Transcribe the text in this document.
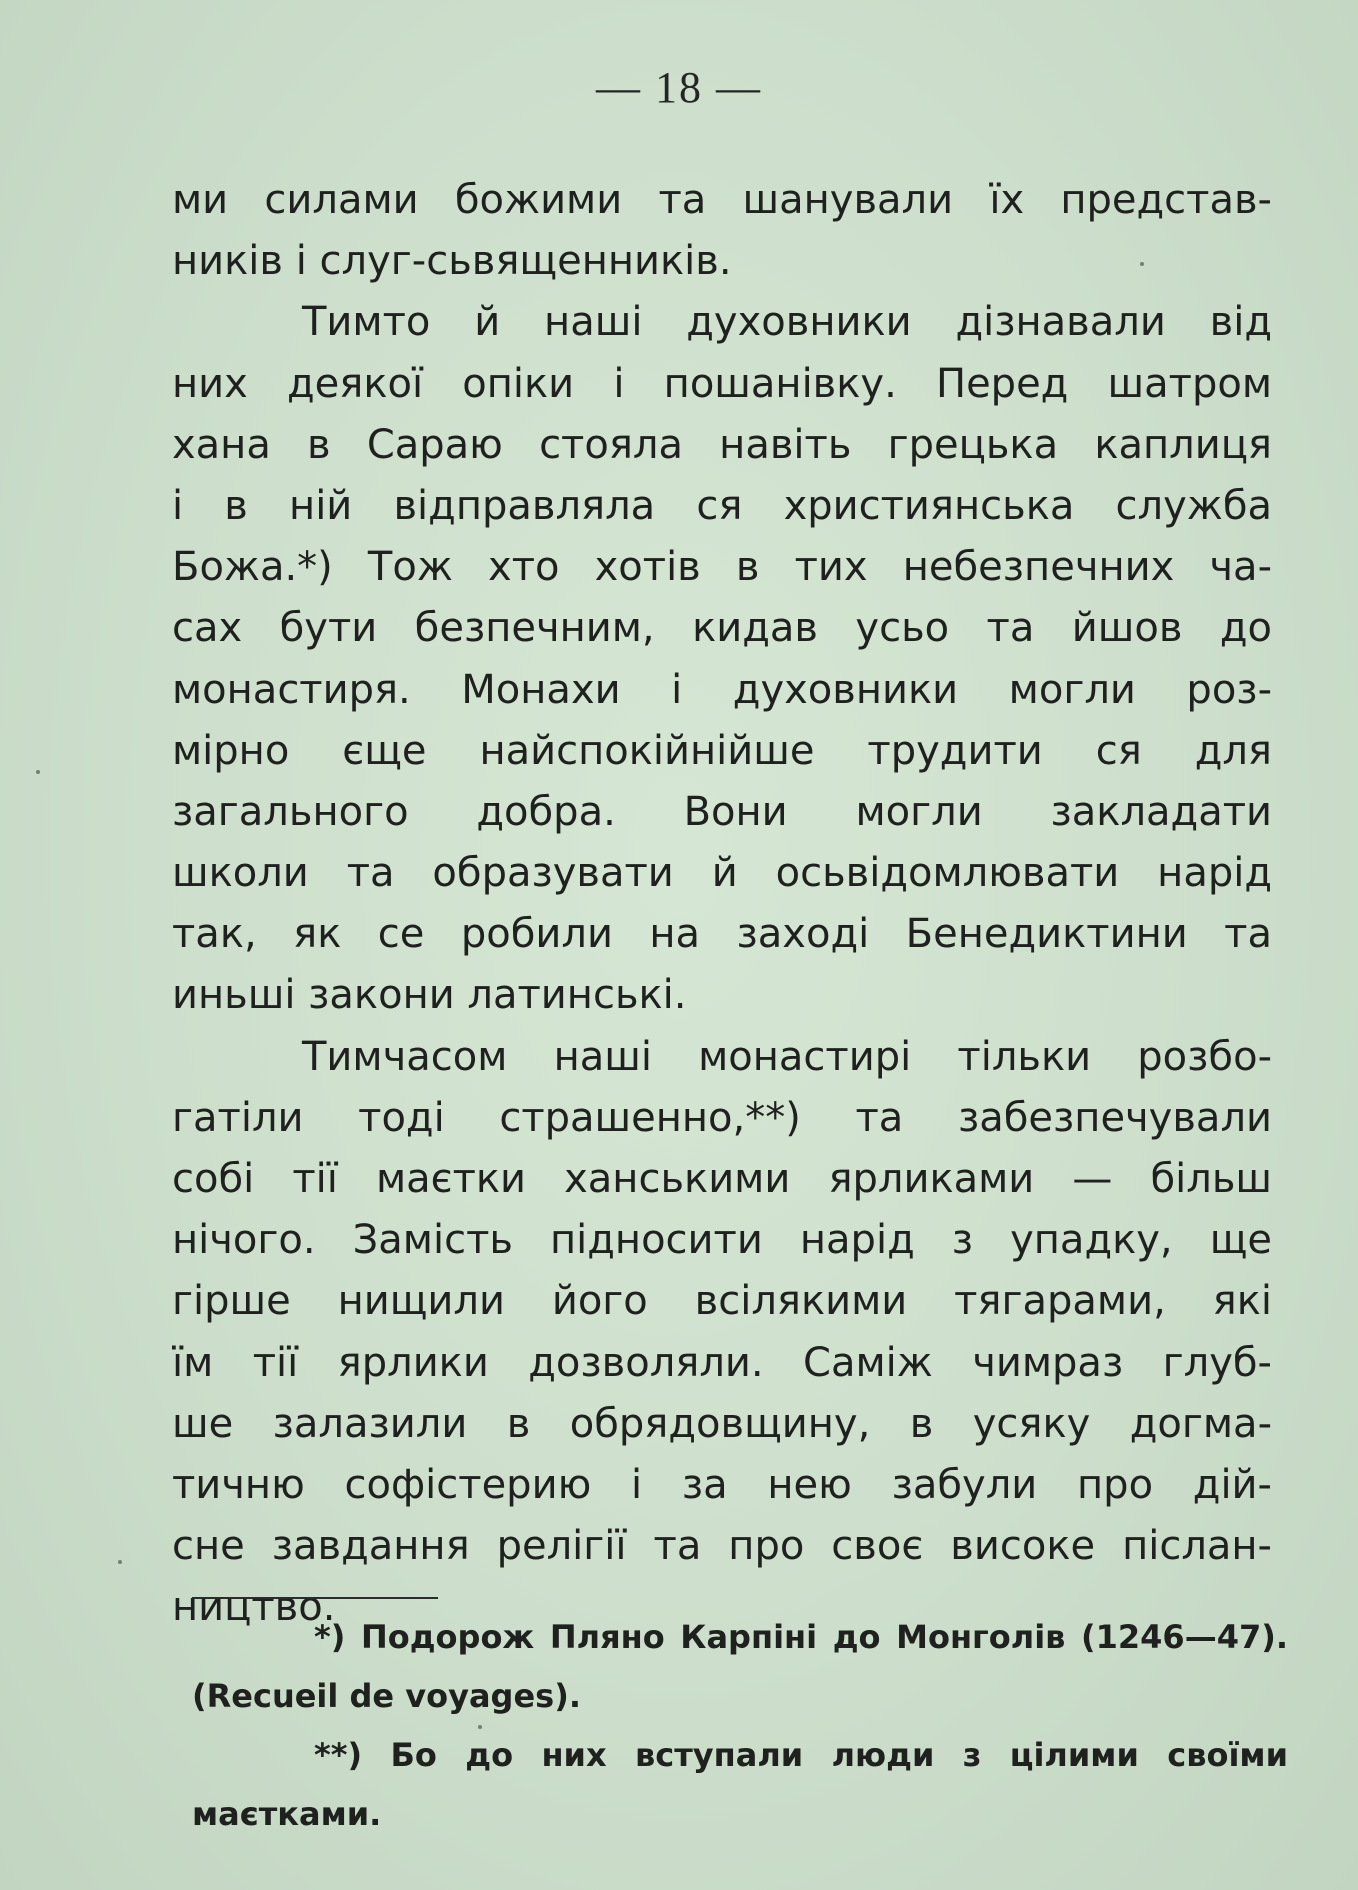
— 18 —
ми силами божими та шанували їх представ-
ників і слуг-сьвященників.
Тимто й наші духовники дізнавали від
них деякої опіки і пошанівку. Перед шатром
хана в Сараю стояла навіть грецька каплиця
і в ній відправляла ся християнська служба
Божа.*) Тож хто хотів в тих небезпечних ча-
сах бути безпечним, кидав усьо та йшов до
монастиря. Монахи і духовники могли роз-
мірно єще найспокійнійше трудити ся для
загального добра. Вони могли закладати
школи та образувати й осьвідомлювати нарід
так, як се робили на заході Бенедиктини та
иньші закони латинські.
Тимчасом наші монастирі тільки розбо-
гатіли тоді страшенно,**) та забезпечували
собі тії маєтки ханськими ярликами — більш
нічого. Замість підносити нарід з упадку, ще
гірше нищили його всілякими тягарами, які
їм тії ярлики дозволяли. Саміж чимраз глуб-
ше залазили в обрядовщину, в усяку догма-
тичню софістерию і за нею забули про дій-
сне завдання релігії та про своє високе післан-
ництво.
*) Подорож Пляно Карпіні до Монголів (1246—47).
(Recueil de voyages).
**) Бо до них вступали люди з цілими своїми
маєтками.
